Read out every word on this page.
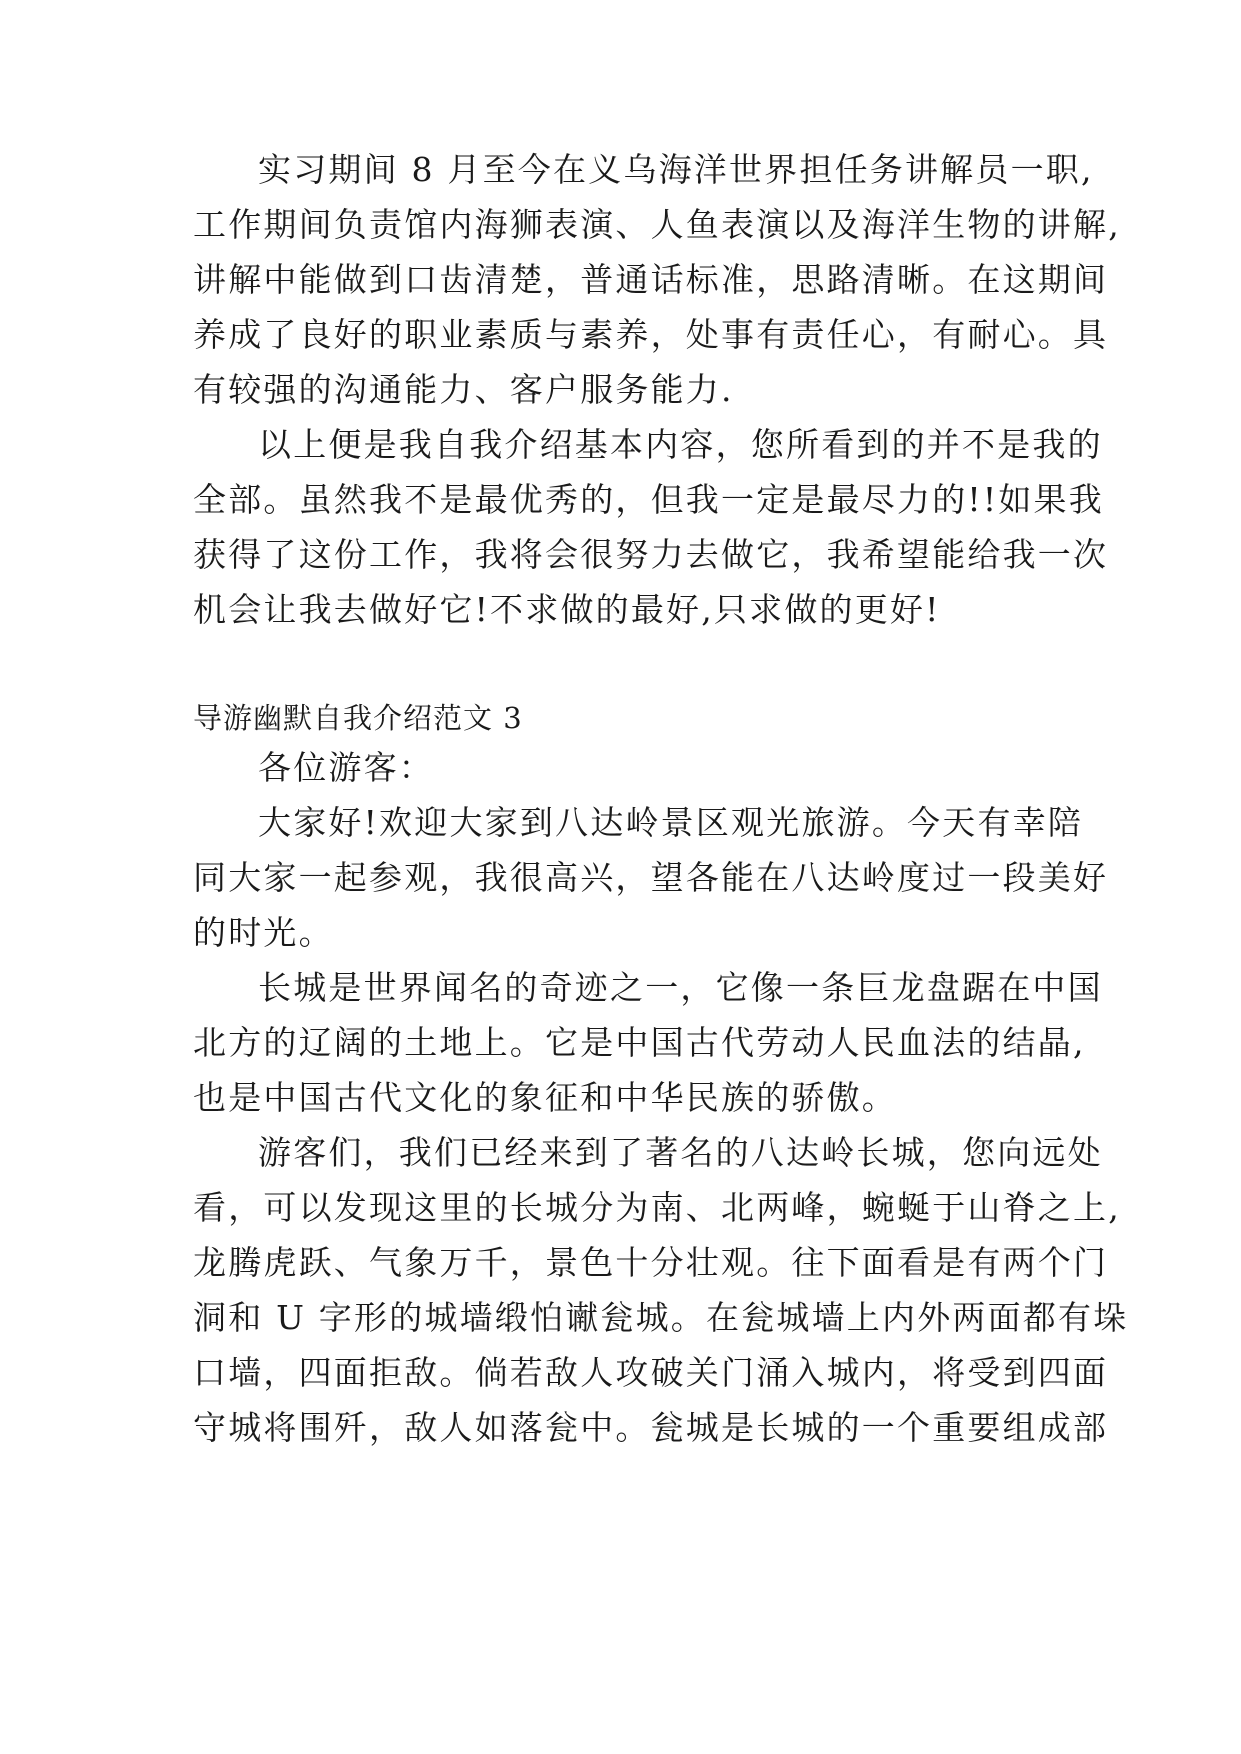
实习期间 8 月至今在义乌海洋世界担任务讲解员一职,
工作期间负责馆内海狮表演、人鱼表演以及海洋生物的讲解,
讲解中能做到口齿清楚，普通话标准，思路清晰。在这期间
养成了良好的职业素质与素养，处事有责任心，有耐心。具
有较强的沟通能力、客户服务能力.
以上便是我自我介绍基本内容，您所看到的并不是我的
全部。虽然我不是最优秀的，但我一定是最尽力的!!如果我
获得了这份工作，我将会很努力去做它，我希望能给我一次
机会让我去做好它!不求做的最好,只求做的更好!
导游幽默自我介绍范文 3
各位游客：
大家好!欢迎大家到八达岭景区观光旅游。今天有幸陪
同大家一起参观，我很高兴，望各能在八达岭度过一段美好
的时光。
长城是世界闻名的奇迹之一，它像一条巨龙盘踞在中国
北方的辽阔的土地上。它是中国古代劳动人民血法的结晶,
也是中国古代文化的象征和中华民族的骄傲。
游客们，我们已经来到了著名的八达岭长城，您向远处
看，可以发现这里的长城分为南、北两峰，蜿蜒于山脊之上,
龙腾虎跃、气象万千，景色十分壮观。往下面看是有两个门
洞和 U 字形的城墙缎怕谳瓮城。在瓮城墙上内外两面都有垛
口墙，四面拒敌。倘若敌人攻破关门涌入城内，将受到四面
守城将围歼，敌人如落瓮中。瓮城是长城的一个重要组成部
